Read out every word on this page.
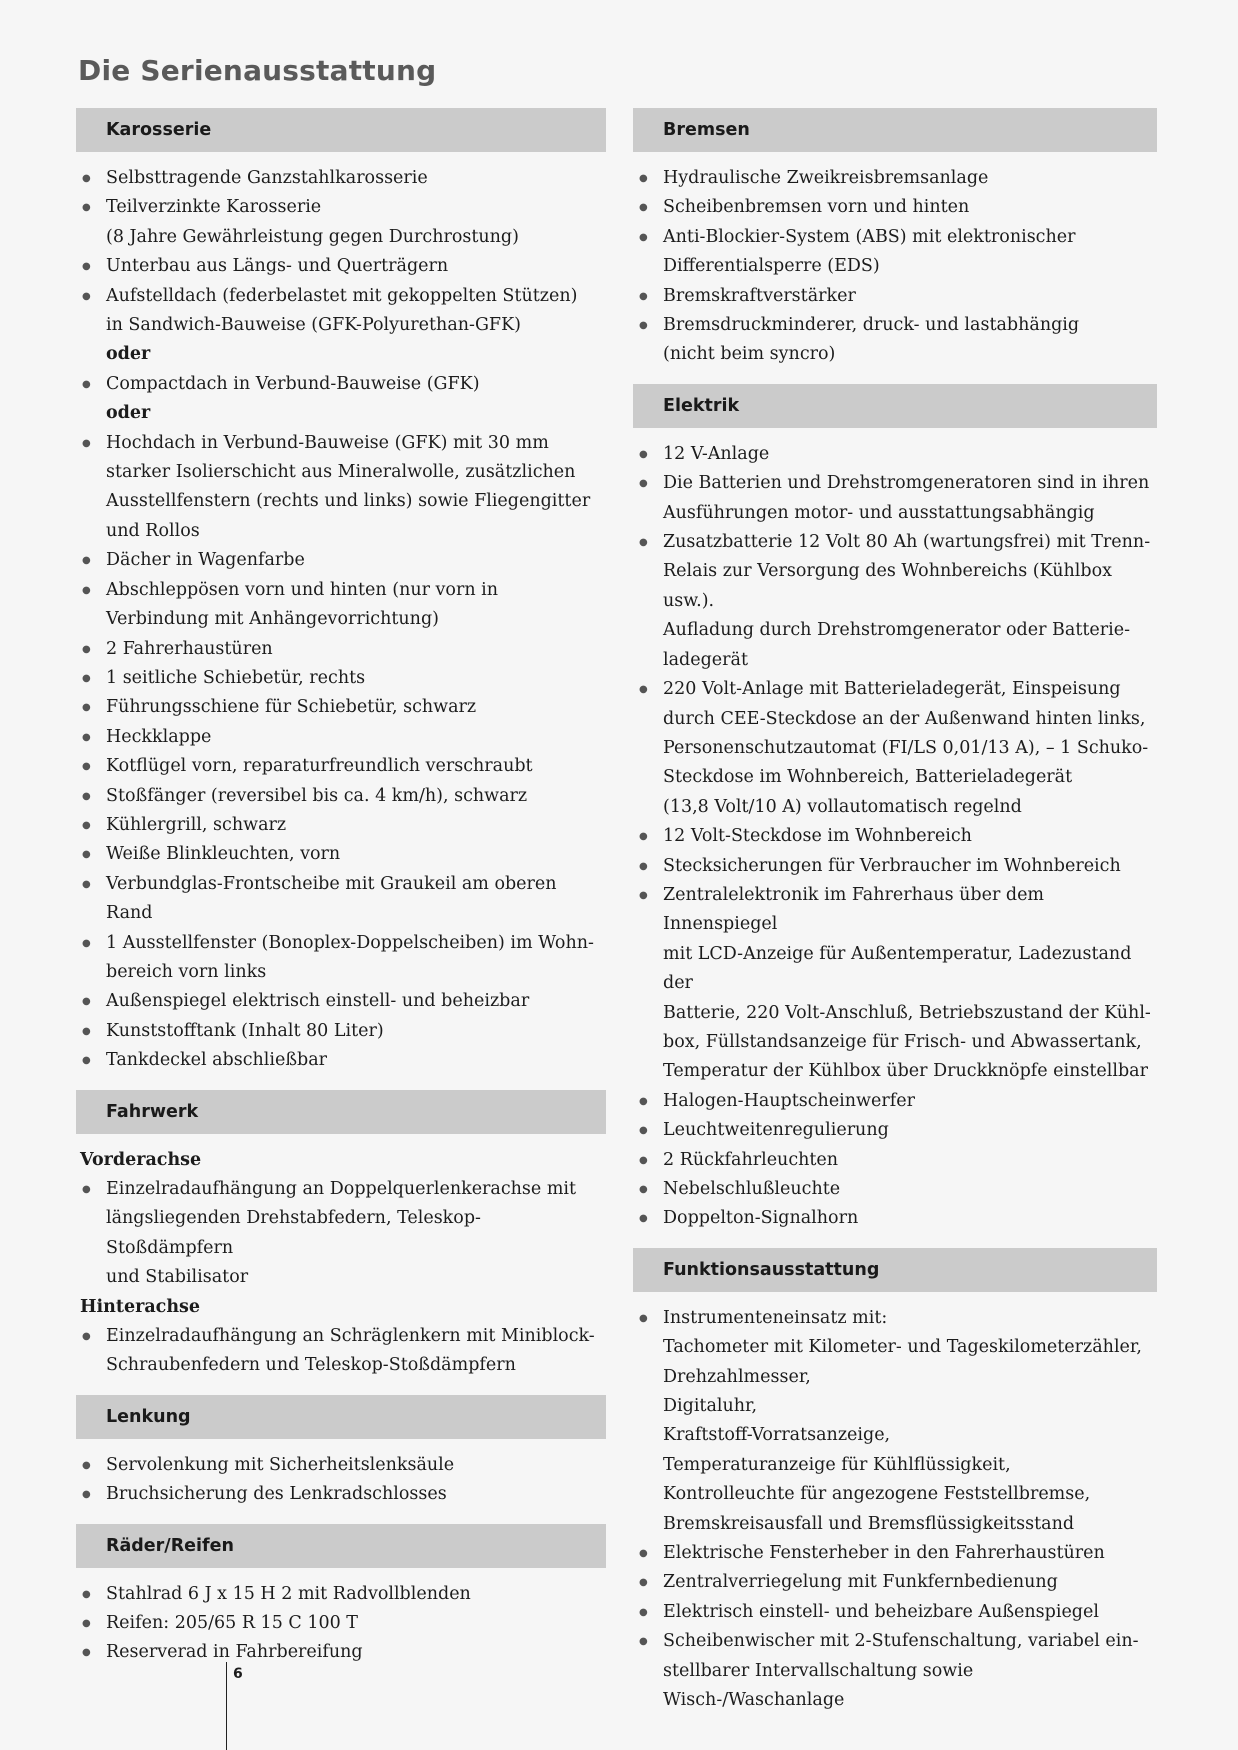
Die Serienausstattung
Karosserie
● Selbsttragende Ganzstahlkarosserie
● Teilverzinkte Karosserie
(8 Jahre Gewährleistung gegen Durchrostung)
● Unterbau aus Längs- und Querträgern
● Aufstelldach (federbelastet mit gekoppelten Stützen)
in Sandwich-Bauweise (GFK-Polyurethan-GFK)
oder
● Compactdach in Verbund-Bauweise (GFK)
oder
● Hochdach in Verbund-Bauweise (GFK) mit 30 mm
starker Isolierschicht aus Mineralwolle, zusätzlichen
Ausstellfenstern (rechts und links) sowie Fliegengitter
und Rollos
● Dächer in Wagenfarbe
● Abschleppösen vorn und hinten (nur vorn in
Verbindung mit Anhängevorrichtung)
● 2 Fahrerhaustüren
● 1 seitliche Schiebetür, rechts
● Führungsschiene für Schiebetür, schwarz
● Heckklappe
● Kotflügel vorn, reparaturfreundlich verschraubt
● Stoßfänger (reversibel bis ca. 4 km/h), schwarz
● Kühlergrill, schwarz
● Weiße Blinkleuchten, vorn
● Verbundglas-Frontscheibe mit Graukeil am oberen Rand
● 1 Ausstellfenster (Bonoplex-Doppelscheiben) im Wohn-
bereich vorn links
● Außenspiegel elektrisch einstell- und beheizbar
● Kunststofftank (Inhalt 80 Liter)
● Tankdeckel abschließbar
Fahrwerk
Vorderachse
● Einzelradaufhängung an Doppelquerlenkerachse mit
längsliegenden Drehstabfedern, Teleskop-Stoßdämpfern
und Stabilisator
Hinterachse
● Einzelradaufhängung an Schräglenkern mit Miniblock-
Schraubenfedern und Teleskop-Stoßdämpfern
Lenkung
● Servolenkung mit Sicherheitslenksäule
● Bruchsicherung des Lenkradschlosses
Räder/Reifen
● Stahlrad 6 J x 15 H 2 mit Radvollblenden
● Reifen: 205/65 R 15 C 100 T
● Reserverad in Fahrbereifung
Bremsen
● Hydraulische Zweikreisbremsanlage
● Scheibenbremsen vorn und hinten
● Anti-Blockier-System (ABS) mit elektronischer
Differentialsperre (EDS)
● Bremskraftverstärker
● Bremsdruckminderer, druck- und lastabhängig
(nicht beim syncro)
Elektrik
● 12 V-Anlage
● Die Batterien und Drehstromgeneratoren sind in ihren
Ausführungen motor- und ausstattungsabhängig
● Zusatzbatterie 12 Volt 80 Ah (wartungsfrei) mit Trenn-
Relais zur Versorgung des Wohnbereichs (Kühlbox usw.).
Aufladung durch Drehstromgenerator oder Batterie-
ladegerät
● 220 Volt-Anlage mit Batterieladegerät, Einspeisung
durch CEE-Steckdose an der Außenwand hinten links,
Personenschutzautomat (FI/LS 0,01/13 A), – 1 Schuko-
Steckdose im Wohnbereich, Batterieladegerät
(13,8 Volt/10 A) vollautomatisch regelnd
● 12 Volt-Steckdose im Wohnbereich
● Stecksicherungen für Verbraucher im Wohnbereich
● Zentralelektronik im Fahrerhaus über dem Innenspiegel
mit LCD-Anzeige für Außentemperatur, Ladezustand der
Batterie, 220 Volt-Anschluß, Betriebszustand der Kühl-
box, Füllstandsanzeige für Frisch- und Abwassertank,
Temperatur der Kühlbox über Druckknöpfe einstellbar
● Halogen-Hauptscheinwerfer
● Leuchtweitenregulierung
● 2 Rückfahrleuchten
● Nebelschlußleuchte
● Doppelton-Signalhorn
Funktionsausstattung
● Instrumenteneinsatz mit:
Tachometer mit Kilometer- und Tageskilometerzähler,
Drehzahlmesser,
Digitaluhr,
Kraftstoff-Vorratsanzeige,
Temperaturanzeige für Kühlflüssigkeit,
Kontrolleuchte für angezogene Feststellbremse,
Bremskreisausfall und Bremsflüssigkeitsstand
● Elektrische Fensterheber in den Fahrerhaustüren
● Zentralverriegelung mit Funkfernbedienung
● Elektrisch einstell- und beheizbare Außenspiegel
● Scheibenwischer mit 2-Stufenschaltung, variabel ein-
stellbarer Intervallschaltung sowie Wisch-/Waschanlage
6
